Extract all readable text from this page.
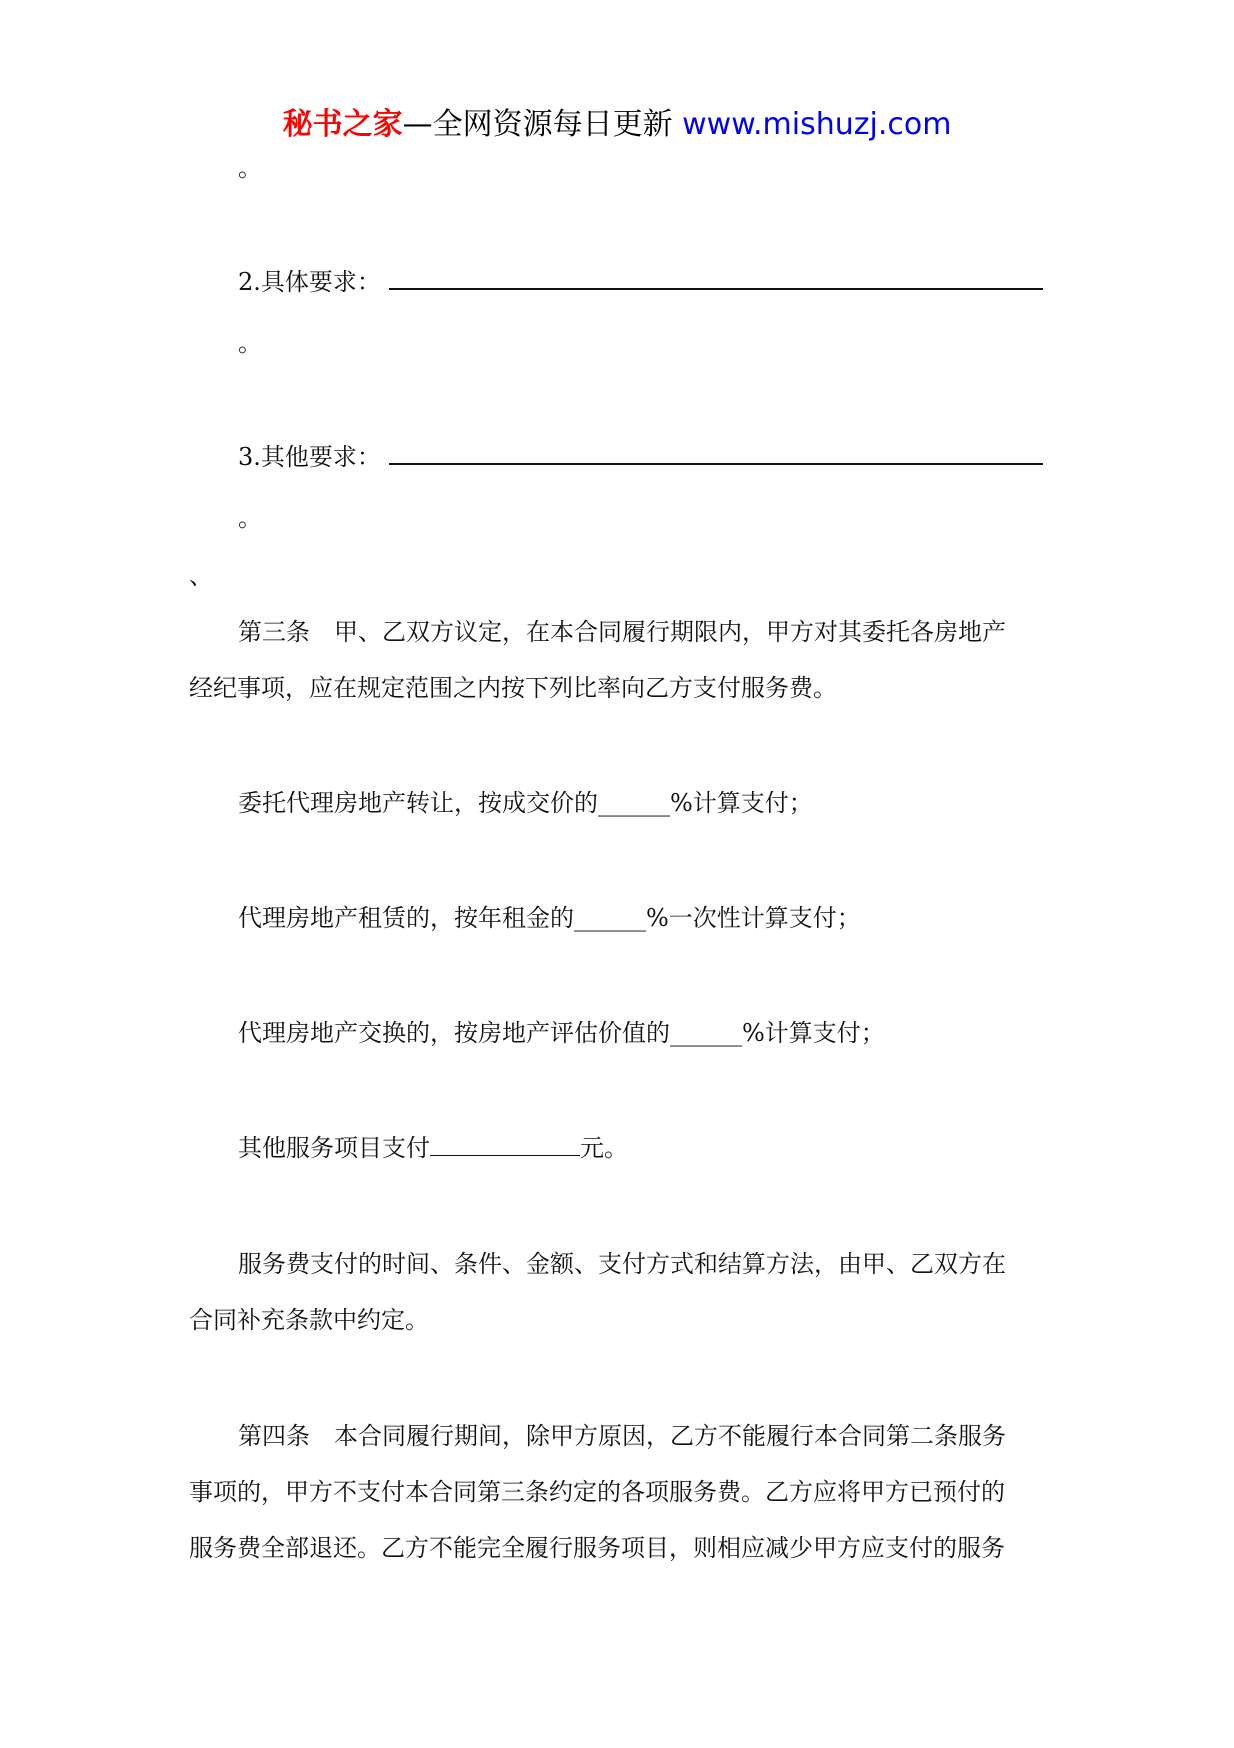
秘书之家—全网资源每日更新 www.mishuzj.com
。
2.具体要求：
。
3.其他要求：
。
、
第三条　甲、乙双方议定，在本合同履行期限内，甲方对其委托各房地产
经纪事项，应在规定范围之内按下列比率向乙方支付服务费。
委托代理房地产转让，按成交价的______%计算支付；
代理房地产租赁的，按年租金的______%一次性计算支付；
代理房地产交换的，按房地产评估价值的______%计算支付；
其他服务项目支付	元。
服务费支付的时间、条件、金额、支付方式和结算方法，由甲、乙双方在
合同补充条款中约定。
第四条　本合同履行期间，除甲方原因，乙方不能履行本合同第二条服务
事项的，甲方不支付本合同第三条约定的各项服务费。乙方应将甲方已预付的
服务费全部退还。乙方不能完全履行服务项目，则相应减少甲方应支付的服务
